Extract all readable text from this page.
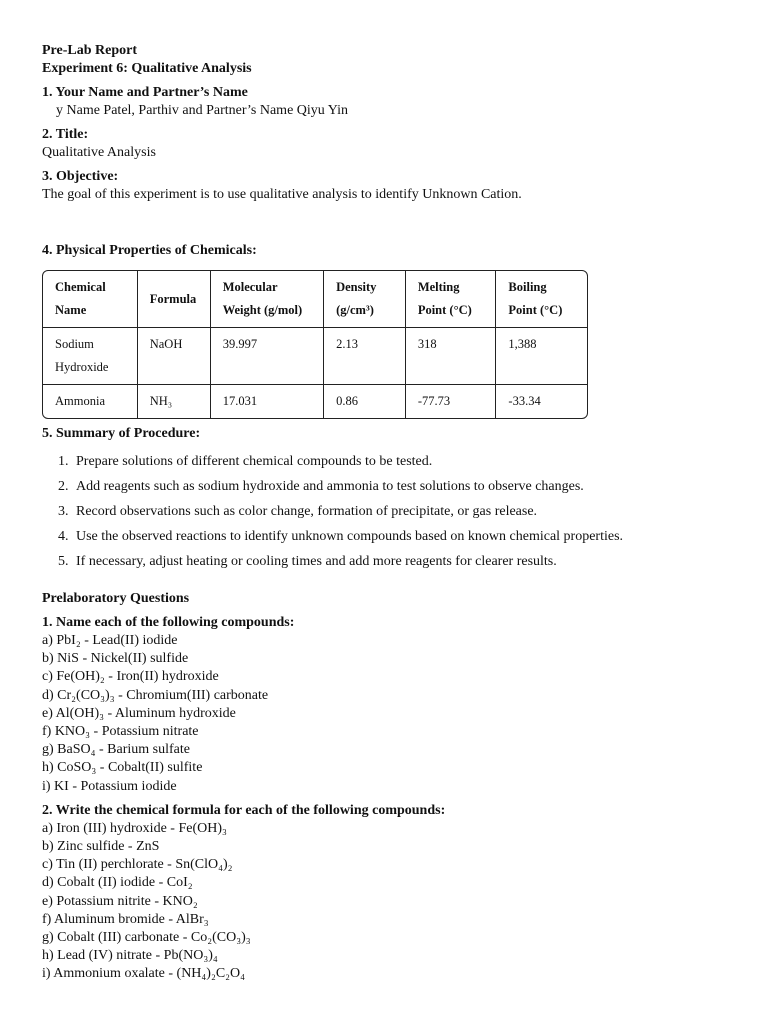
Pre-Lab Report
Experiment 6: Qualitative Analysis
1. Your Name and Partner’s Name
y Name Patel, Parthiv and Partner’s Name Qiyu Yin
2. Title:
Qualitative Analysis
3. Objective:
The goal of this experiment is to use qualitative analysis to identify Unknown Cation.
4. Physical Properties of Chemicals:
Chemical Name	Formula	Molecular Weight (g/mol)	Density (g/cm³)	Melting Point (°C)	Boiling Point (°C)
Sodium Hydroxide	NaOH	39.997	2.13	318	1,388
Ammonia	NH₃	17.031	0.86	-77.73	-33.34
5. Summary of Procedure:
1. Prepare solutions of different chemical compounds to be tested.
2. Add reagents such as sodium hydroxide and ammonia to test solutions to observe changes.
3. Record observations such as color change, formation of precipitate, or gas release.
4. Use the observed reactions to identify unknown compounds based on known chemical properties.
5. If necessary, adjust heating or cooling times and add more reagents for clearer results.
Prelaboratory Questions
1. Name each of the following compounds:
a) PbI₂ - Lead(II) iodide
b) NiS - Nickel(II) sulfide
c) Fe(OH)₂ - Iron(II) hydroxide
d) Cr₂(CO₃)₃ - Chromium(III) carbonate
e) Al(OH)₃ - Aluminum hydroxide
f) KNO₃ - Potassium nitrate
g) BaSO₄ - Barium sulfate
h) CoSO₃ - Cobalt(II) sulfite
i) KI - Potassium iodide
2. Write the chemical formula for each of the following compounds:
a) Iron (III) hydroxide - Fe(OH)₃
b) Zinc sulfide - ZnS
c) Tin (II) perchlorate - Sn(ClO₄)₂
d) Cobalt (II) iodide - CoI₂
e) Potassium nitrite - KNO₂
f) Aluminum bromide - AlBr₃
g) Cobalt (III) carbonate - Co₂(CO₃)₃
h) Lead (IV) nitrate - Pb(NO₃)₄
i) Ammonium oxalate - (NH₄)₂C₂O₄
